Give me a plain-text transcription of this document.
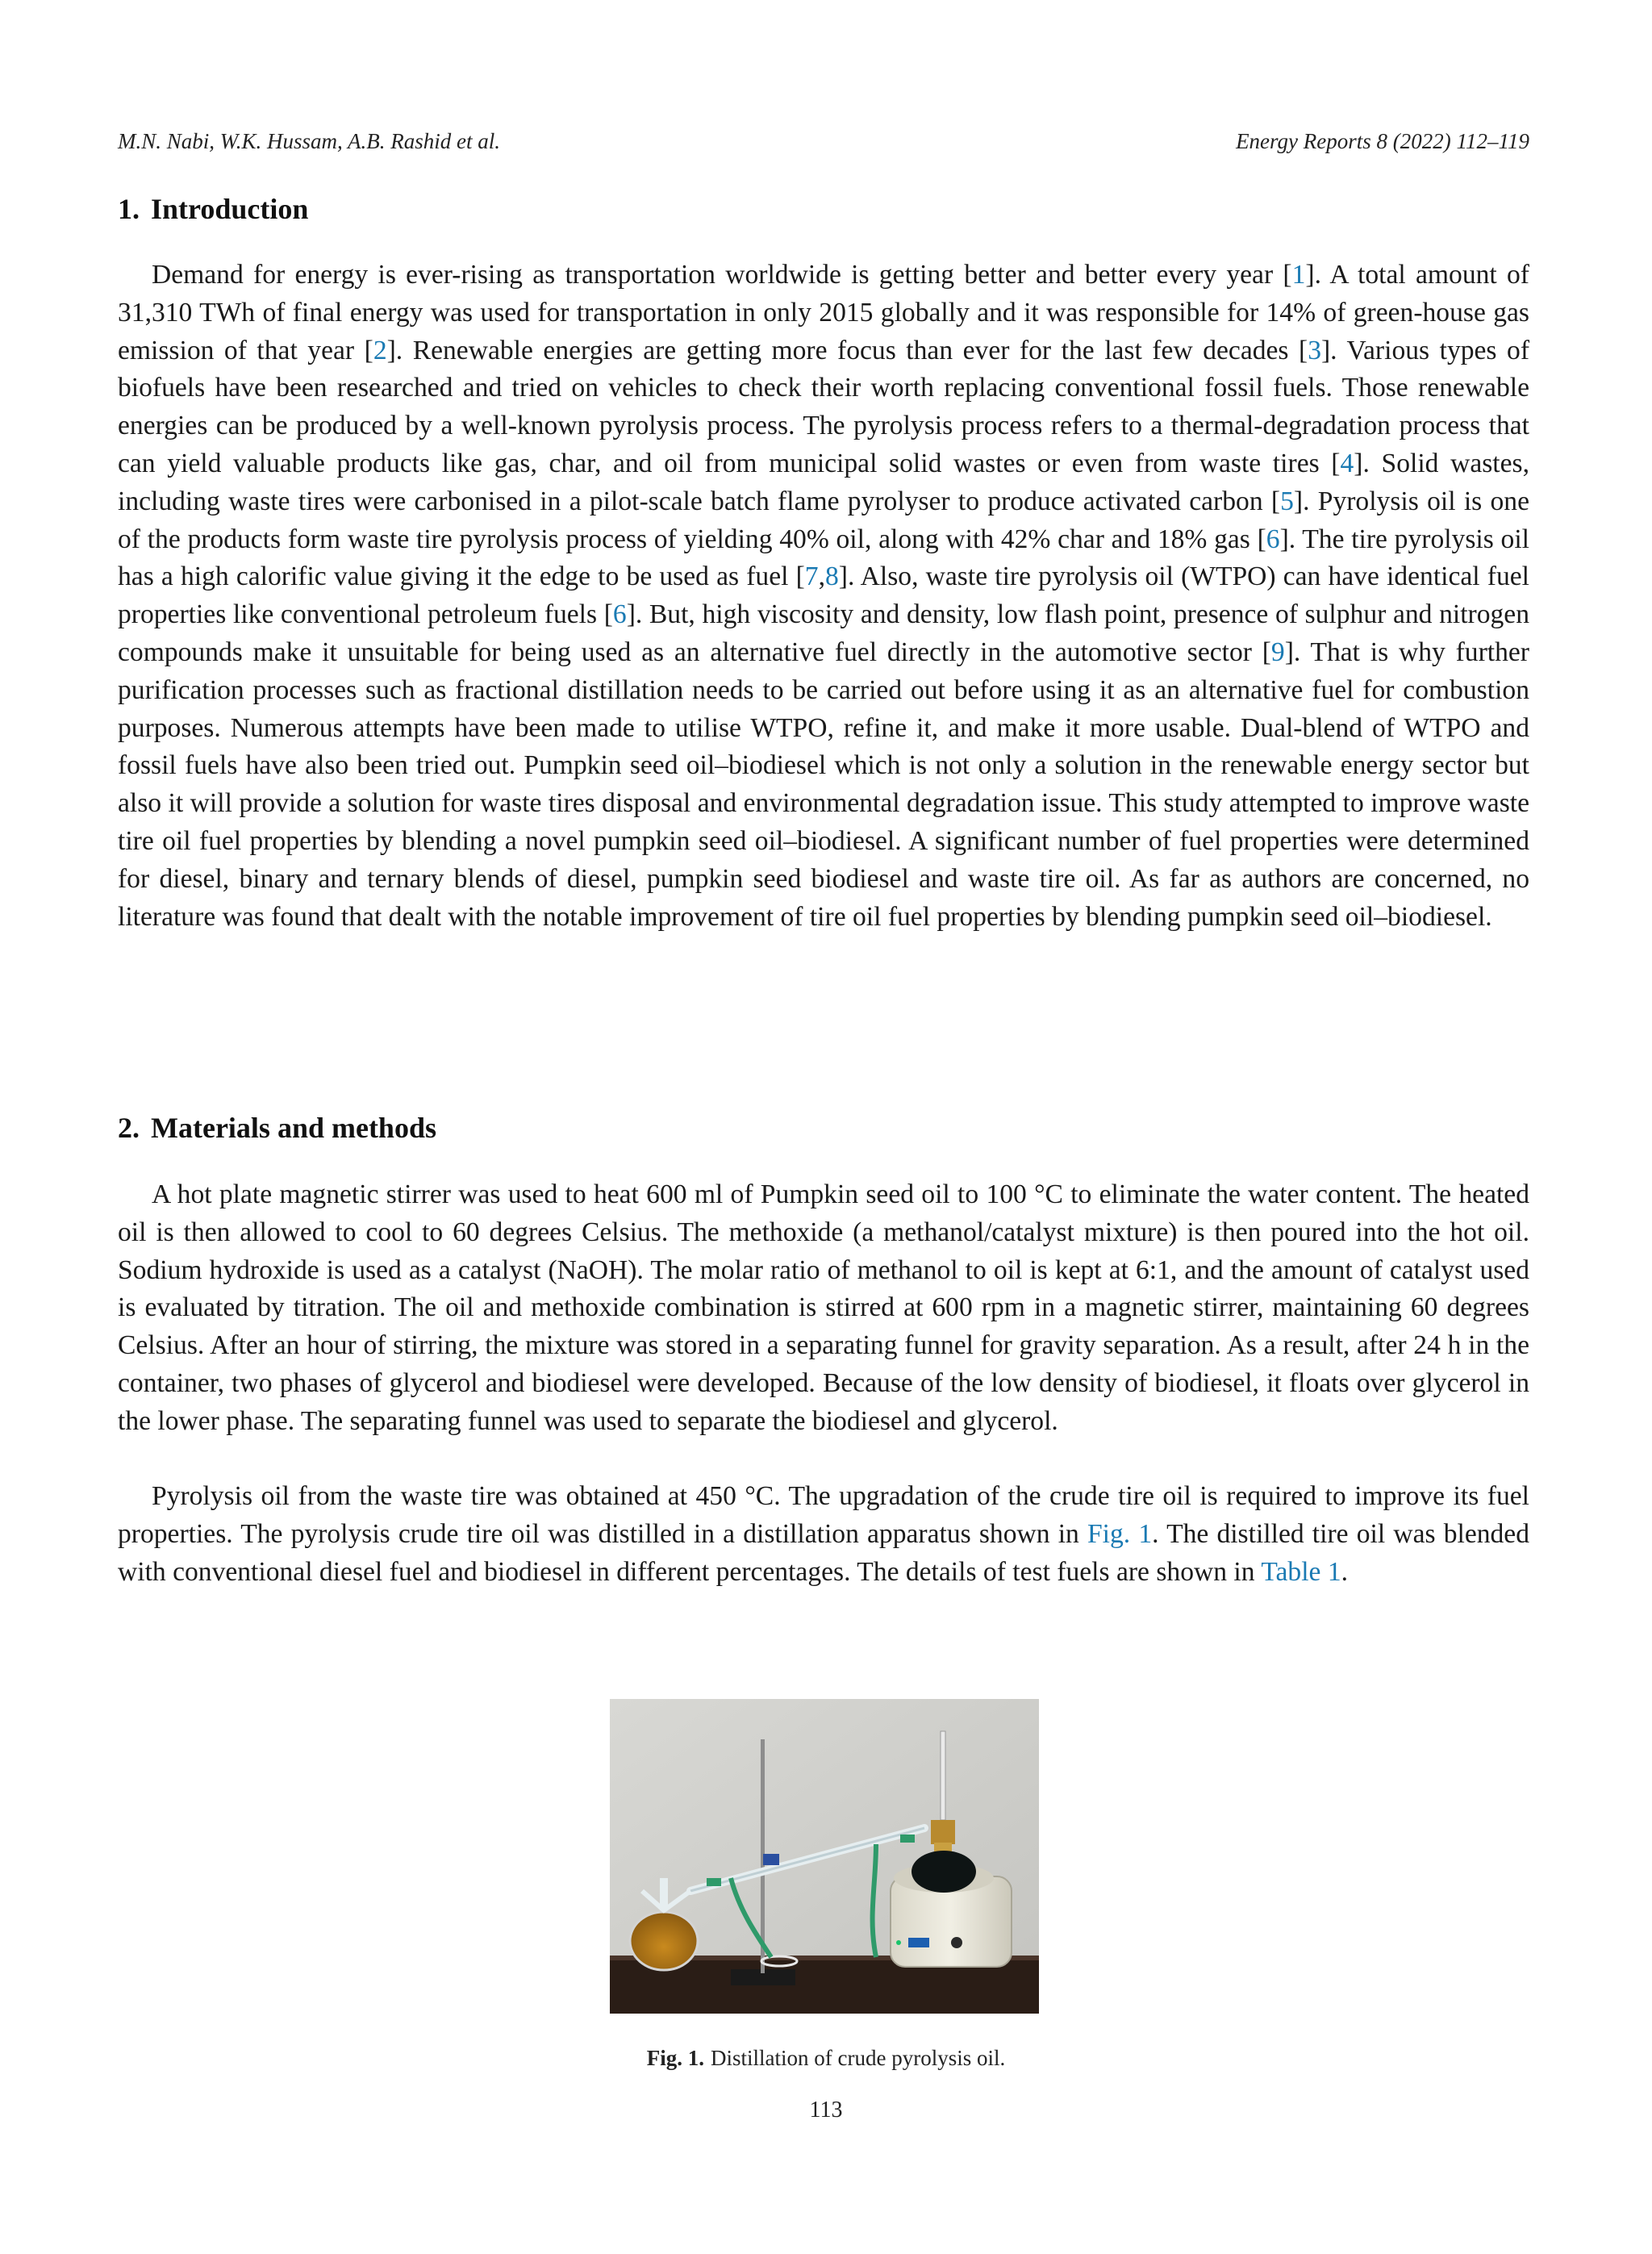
M.N. Nabi, W.K. Hussam, A.B. Rashid et al.	Energy Reports 8 (2022) 112–119
1. Introduction

Demand for energy is ever-rising as transportation worldwide is getting better and better every year [1]. A total amount of 31,310 TWh of final energy was used for transportation in only 2015 globally and it was responsible for 14% of green-house gas emission of that year [2]. Renewable energies are getting more focus than ever for the last few decades [3]. Various types of biofuels have been researched and tried on vehicles to check their worth replacing conventional fossil fuels. Those renewable energies can be produced by a well-known pyrolysis process. The pyrolysis process refers to a thermal-degradation process that can yield valuable products like gas, char, and oil from municipal solid wastes or even from waste tires [4]. Solid wastes, including waste tires were carbonised in a pilot-scale batch flame pyrolyser to produce activated carbon [5]. Pyrolysis oil is one of the products form waste tire pyrolysis process of yielding 40% oil, along with 42% char and 18% gas [6]. The tire pyrolysis oil has a high calorific value giving it the edge to be used as fuel [7,8]. Also, waste tire pyrolysis oil (WTPO) can have identical fuel properties like conventional petroleum fuels [6]. But, high viscosity and density, low flash point, presence of sulphur and nitrogen compounds make it unsuitable for being used as an alternative fuel directly in the automotive sector [9]. That is why further purification processes such as fractional distillation needs to be carried out before using it as an alternative fuel for combustion purposes. Numerous attempts have been made to utilise WTPO, refine it, and make it more usable. Dual-blend of WTPO and fossil fuels have also been tried out. Pumpkin seed oil–biodiesel which is not only a solution in the renewable energy sector but also it will provide a solution for waste tires disposal and environmental degradation issue. This study attempted to improve waste tire oil fuel properties by blending a novel pumpkin seed oil–biodiesel. A significant number of fuel properties were determined for diesel, binary and ternary blends of diesel, pumpkin seed biodiesel and waste tire oil. As far as authors are concerned, no literature was found that dealt with the notable improvement of tire oil fuel properties by blending pumpkin seed oil–biodiesel.

2. Materials and methods

A hot plate magnetic stirrer was used to heat 600 ml of Pumpkin seed oil to 100 °C to eliminate the water content. The heated oil is then allowed to cool to 60 degrees Celsius. The methoxide (a methanol/catalyst mixture) is then poured into the hot oil. Sodium hydroxide is used as a catalyst (NaOH). The molar ratio of methanol to oil is kept at 6:1, and the amount of catalyst used is evaluated by titration. The oil and methoxide combination is stirred at 600 rpm in a magnetic stirrer, maintaining 60 degrees Celsius. After an hour of stirring, the mixture was stored in a separating funnel for gravity separation. As a result, after 24 h in the container, two phases of glycerol and biodiesel were developed. Because of the low density of biodiesel, it floats over glycerol in the lower phase. The separating funnel was used to separate the biodiesel and glycerol.

Pyrolysis oil from the waste tire was obtained at 450 °C. The upgradation of the crude tire oil is required to improve its fuel properties. The pyrolysis crude tire oil was distilled in a distillation apparatus shown in Fig. 1. The distilled tire oil was blended with conventional diesel fuel and biodiesel in different percentages. The details of test fuels are shown in Table 1.

Fig. 1. Distillation of crude pyrolysis oil.
113
